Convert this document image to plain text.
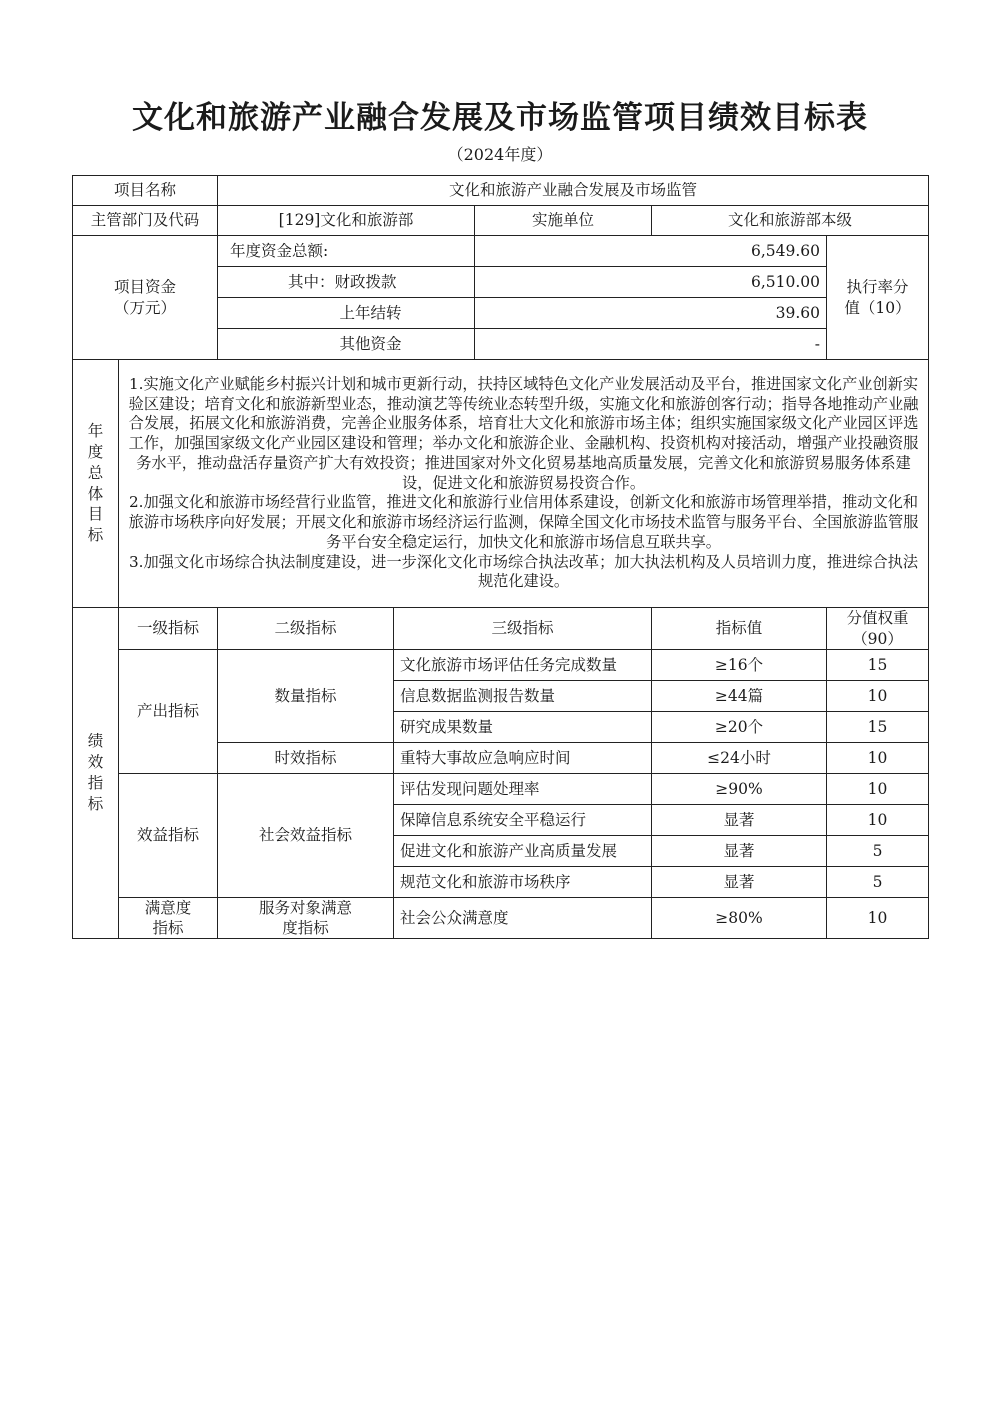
文化和旅游产业融合发展及市场监管项目绩效目标表
（2024年度）
项目名称		文化和旅游产业融合发展及市场监管				
主管部门及代码		[129]文化和旅游部		实施单位	文化和旅游部本级	
项目资金（万元）		年度资金总额:		6,549.60		执行率分值（10）
		其中：财政拨款		6,510.00		
		上年结转		39.60		
		其他资金		-		
年度总体目标	1.实施文化产业赋能乡村振兴计划和城市更新行动，扶持区域特色文化产业发展活动及平台，推进国家文化产业创新实验区建设；培育文化和旅游新型业态，推动演艺等传统业态转型升级，实施文化和旅游创客行动；指导各地推动产业融合发展，拓展文化和旅游消费，完善企业服务体系，培育壮大文化和旅游市场主体；组织实施国家级文化产业园区评选工作，加强国家级文化产业园区建设和管理；举办文化和旅游企业、金融机构、投资机构对接活动，增强产业投融资服务水平，推动盘活存量资产扩大有效投资；推进国家对外文化贸易基地高质量发展，完善文化和旅游贸易服务体系建设，促进文化和旅游贸易投资合作。

2.加强文化和旅游市场经营行业监管，推进文化和旅游行业信用体系建设，创新文化和旅游市场管理举措，推动文化和旅游市场秩序向好发展；开展文化和旅游市场经济运行监测，保障全国文化市场技术监管与服务平台、全国旅游监管服务平台安全稳定运行，加快文化和旅游市场信息互联共享。

3.加强文化市场综合执法制度建设，进一步深化文化市场综合执法改革；加大执法机构及人员培训力度，推进综合执法规范化建设。					

绩效指标	一级指标	二级指标	三级指标		指标值	分值权重（90）
	产出指标	数量指标	文化旅游市场评估任务完成数量		≥16个	15
			信息数据监测报告数量		≥44篇	10
			研究成果数量		≥20个	15
		时效指标	重特大事故应急响应时间		≤24小时	10
	效益指标	社会效益指标	评估发现问题处理率		≥90%	10
			保障信息系统安全平稳运行		显著	10
			促进文化和旅游产业高质量发展		显著	5
			规范文化和旅游市场秩序		显著	5
	满意度指标	服务对象满意度指标	社会公众满意度		≥80%	10
